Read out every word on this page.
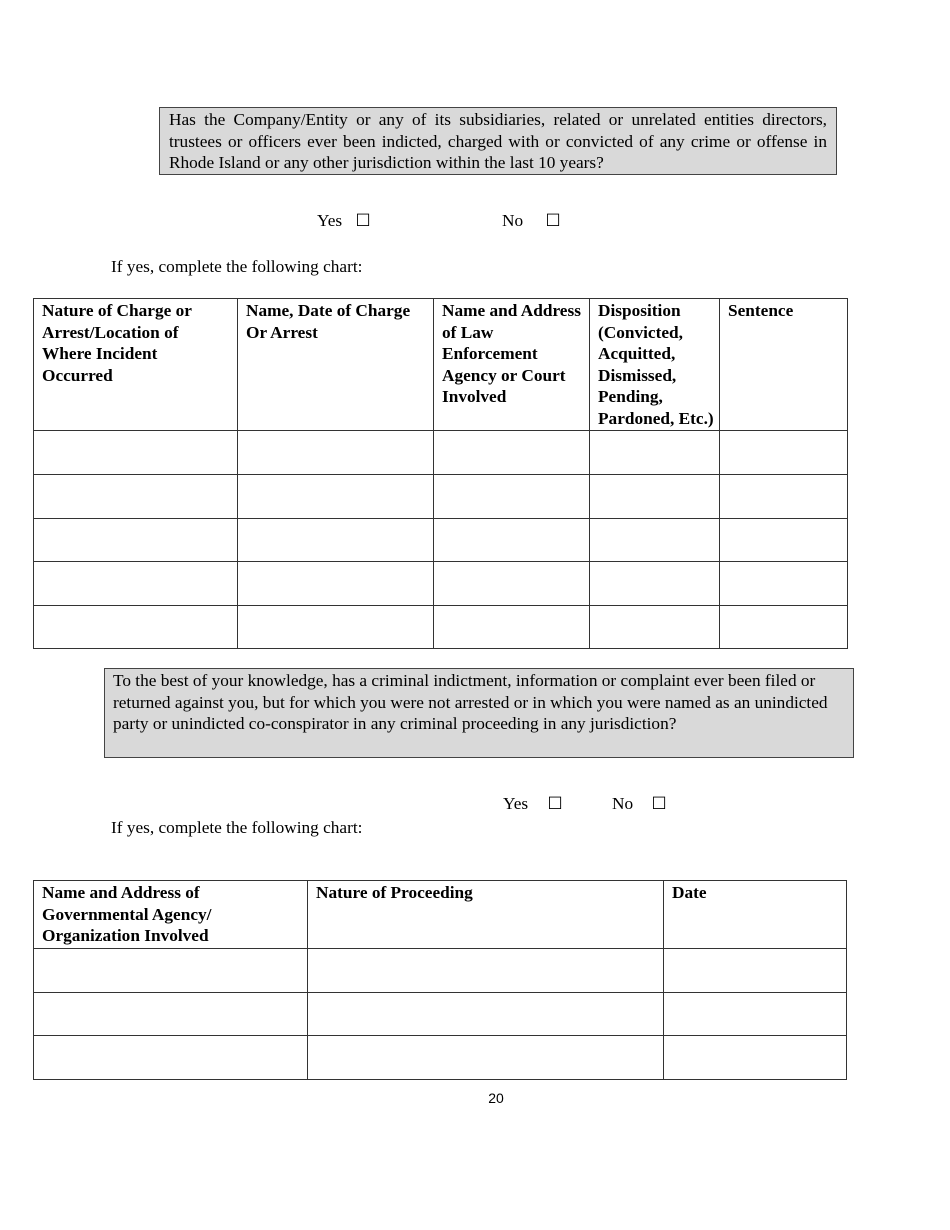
Has the Company/Entity or any of its subsidiaries, related or unrelated entities directors, trustees or officers ever been indicted, charged with or convicted of any crime or offense in Rhode Island or any other jurisdiction within the last 10 years?
Yes ☐	No ☐
If yes, complete the following chart:
Nature of Charge or Arrest/Location of Where Incident Occurred	Name, Date of Charge Or Arrest	Name and Address of Law Enforcement Agency or Court Involved	Disposition (Convicted, Acquitted, Dismissed, Pending, Pardoned, Etc.)	Sentence

To the best of your knowledge, has a criminal indictment, information or complaint ever been filed or returned against you, but for which you were not arrested or in which you were named as an unindicted party or unindicted co-conspirator in any criminal proceeding in any jurisdiction?
Yes ☐	No ☐
If yes, complete the following chart:
Name and Address of Governmental Agency/ Organization Involved	Nature of Proceeding	Date

20
